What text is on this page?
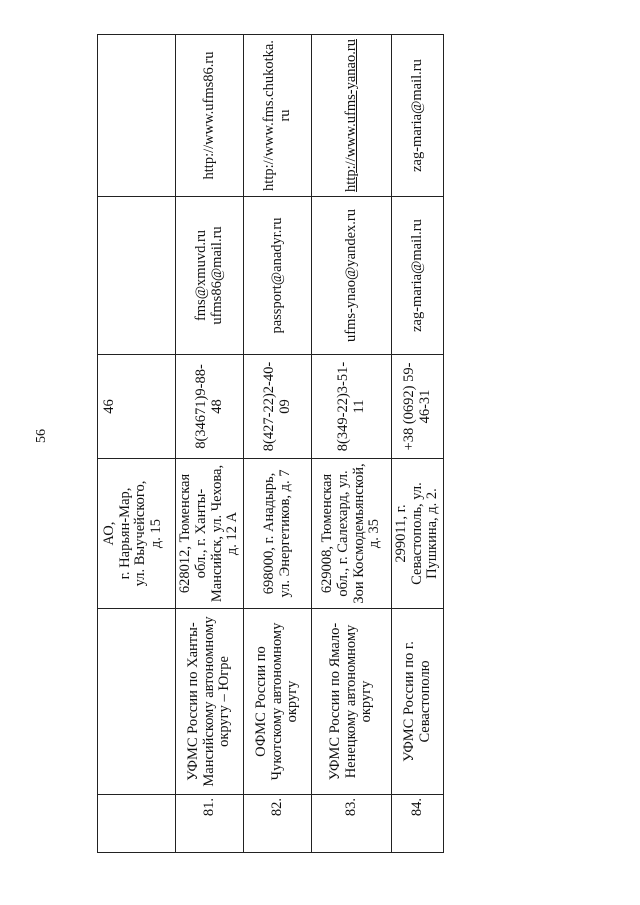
56
		АО,
г. Нарьян-Мар,
ул. Выучейского,
д. 15	46		
81.	УФМС России по Ханты-Мансийскому автономному округу – Югре	628012, Тюменская обл., г. Ханты-Мансийск, ул. Чехова, д. 12 А	8(34671)9-88-48	fms@xmuvd.ru
ufms86@mail.ru	http://www.ufms86.ru
82.	ОФМС России по Чукотскому автономному округу	698000, г. Анадырь, ул. Энергетиков, д. 7	8(427-22)2-40-09	passport@anadyr.ru	http://www.fms.chukotka.ru
83.	УФМС России по Ямало-Ненецкому автономному округу	629008, Тюменская обл., г. Салехард, ул. Зои Космодемьянской, д. 35	8(349-22)3-51-11	ufms-ynao@yandex.ru	http://www.ufms-yanao.ru
84.	УФМС России по г. Севастополю	299011, г. Севастополь, ул. Пушкина, д. 2.	+38 (0692) 59-46-31	zag-maria@mail.ru	zag-maria@mail.ru
